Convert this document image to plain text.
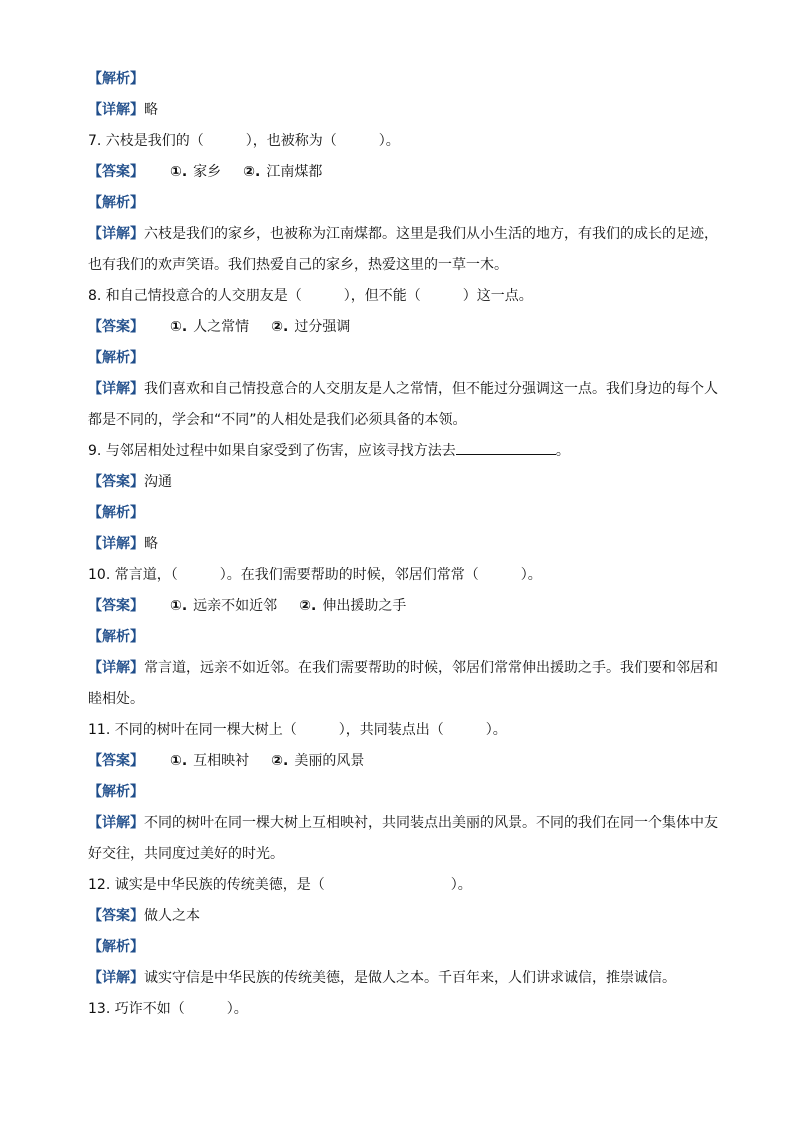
【解析】
【详解】略
7. 六枝是我们的（　　　），也被称为（　　　）。
【答案】 ①. 家乡 ②. 江南煤都
【解析】
【详解】六枝是我们的家乡，也被称为江南煤都。这里是我们从小生活的地方，有我们的成长的足迹，也有我们的欢声笑语。我们热爱自己的家乡，热爱这里的一草一木。
8. 和自己情投意合的人交朋友是（　　　），但不能（　　　）这一点。
【答案】 ①. 人之常情 ②. 过分强调
【解析】
【详解】我们喜欢和自己情投意合的人交朋友是人之常情，但不能过分强调这一点。我们身边的每个人都是不同的，学会和“不同”的人相处是我们必须具备的本领。
9. 与邻居相处过程中如果自家受到了伤害，应该寻找方法去	。
【答案】沟通
【解析】
【详解】略
10. 常言道，（　　　）。在我们需要帮助的时候，邻居们常常（　　　）。
【答案】 ①. 远亲不如近邻 ②. 伸出援助之手
【解析】
【详解】常言道，远亲不如近邻。在我们需要帮助的时候，邻居们常常伸出援助之手。我们要和邻居和睦相处。
11. 不同的树叶在同一棵大树上（　　　），共同装点出（　　　）。
【答案】 ①. 互相映衬 ②. 美丽的风景
【解析】
【详解】不同的树叶在同一棵大树上互相映衬，共同装点出美丽的风景。不同的我们在同一个集体中友好交往，共同度过美好的时光。
12. 诚实是中华民族的传统美德，是（　　　　　　　　　）。
【答案】做人之本
【解析】
【详解】诚实守信是中华民族的传统美德，是做人之本。千百年来，人们讲求诚信，推崇诚信。
13. 巧诈不如（　　　）。
